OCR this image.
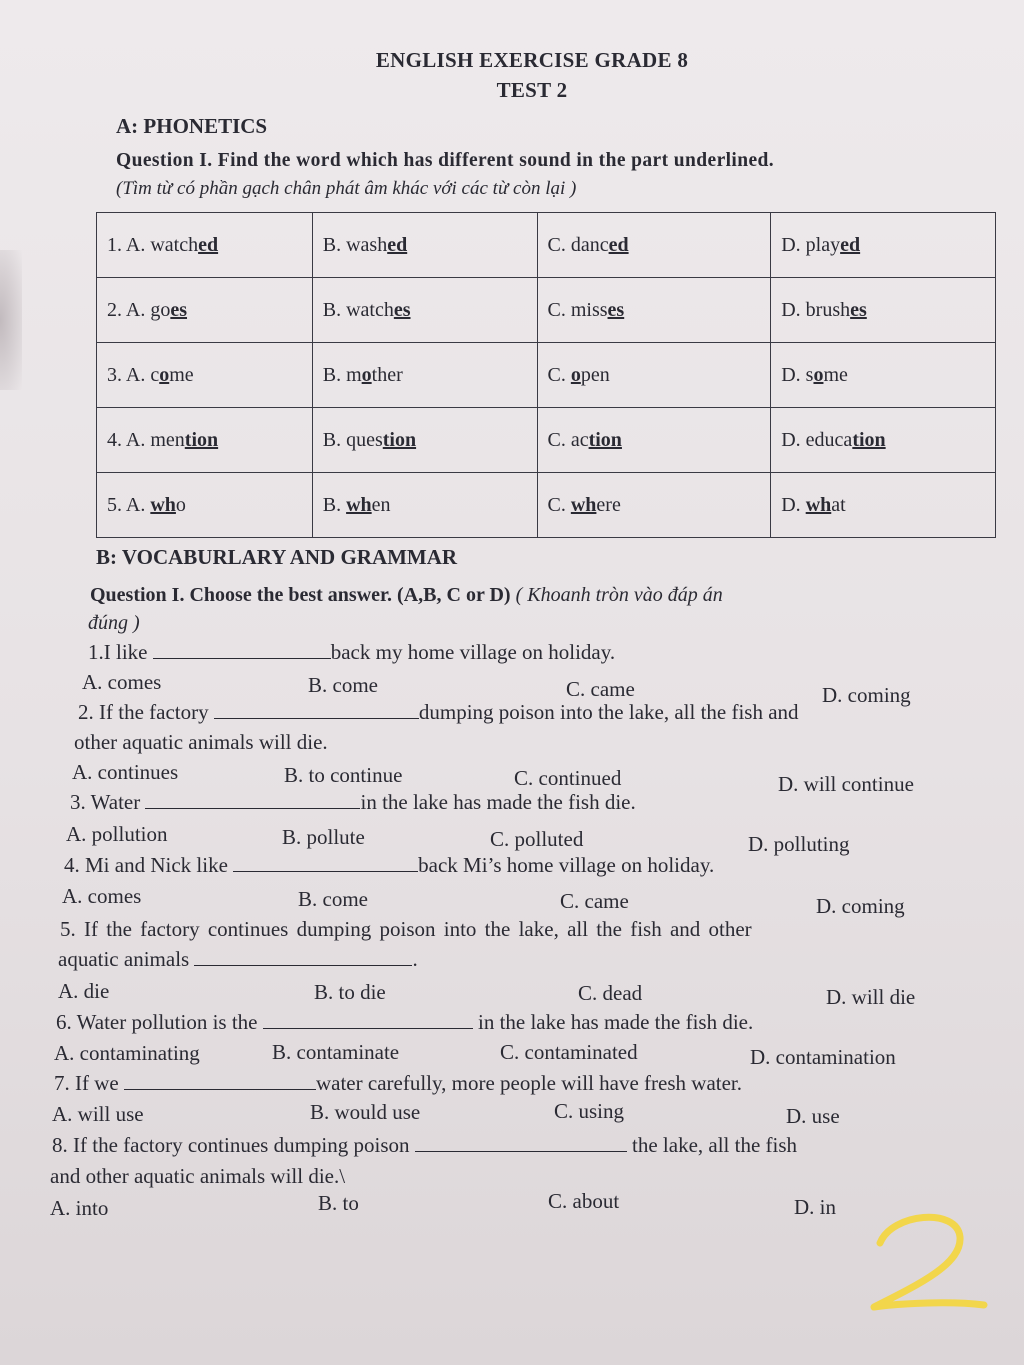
ENGLISH EXERCISE GRADE 8
TEST 2
A: PHONETICS
Question I. Find the word which has different sound in the part underlined.
(Tìm từ có phần gạch chân phát âm khác với các từ còn lại )
1. A. watched	B. washed	C. danced	D. played
2. A. goes	B. watches	C. misses	D. brushes
3. A. come	B. mother	C. open	D. some
4. A. mention	B. question	C. action	D. education
5. A. who	B. when	C. where	D. what
B: VOCABURLARY AND GRAMMAR
Question I. Choose the best answer. (A,B, C or D) ( Khoanh tròn vào đáp án
đúng )
1.I like	back my home village on holiday.
A. comes	B. come	C. came	D. coming
2. If the factory	dumping poison into the lake, all the fish and
other aquatic animals will die.
A. continues	B. to continue	C. continued	D. will continue
3. Water	in the lake has made the fish die.
A. pollution	B. pollute	C. polluted	D. polluting
4. Mi and Nick like	back Mi’s home village on holiday.
A. comes	B. come	C. came	D. coming
5. If the factory continues dumping poison into the lake, all the fish and other
aquatic animals	.
A. die	B. to die	C. dead	D. will die
6. Water pollution is the	in the lake has made the fish die.
A. contaminating	B. contaminate	C. contaminated	D. contamination
7. If we	water carefully, more people will have fresh water.
A. will use	B. would use	C. using	D. use
8. If the factory continues dumping poison	the lake, all the fish
and other aquatic animals will die.\
A. into	B. to	C. about	D. in
